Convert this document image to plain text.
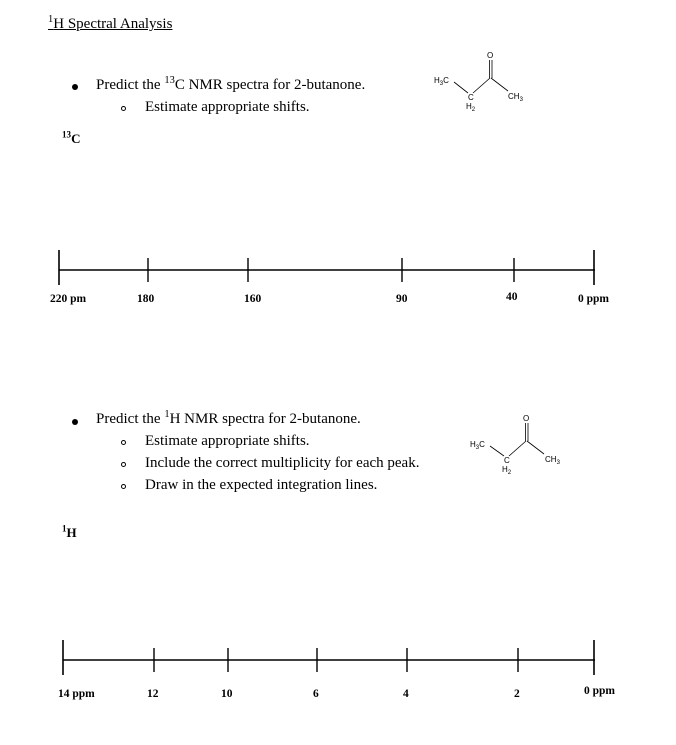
$^1$H Spectral Analysis
Predict the $^{13}$C NMR spectra for 2-butanone.
Estimate appropriate shifts.
$^{13}$C
$H_3C$
C
$H_2$
O
$CH_3$
220 pm	180	160	90	40	0 ppm
Predict the $^1$H NMR spectra for 2-butanone.
Estimate appropriate shifts.
Include the correct multiplicity for each peak.
Draw in the expected integration lines.
$^1$H
$H_3C$
C
$H_2$
O
$CH_3$
14 ppm	12	10	6	4	2	0 ppm
